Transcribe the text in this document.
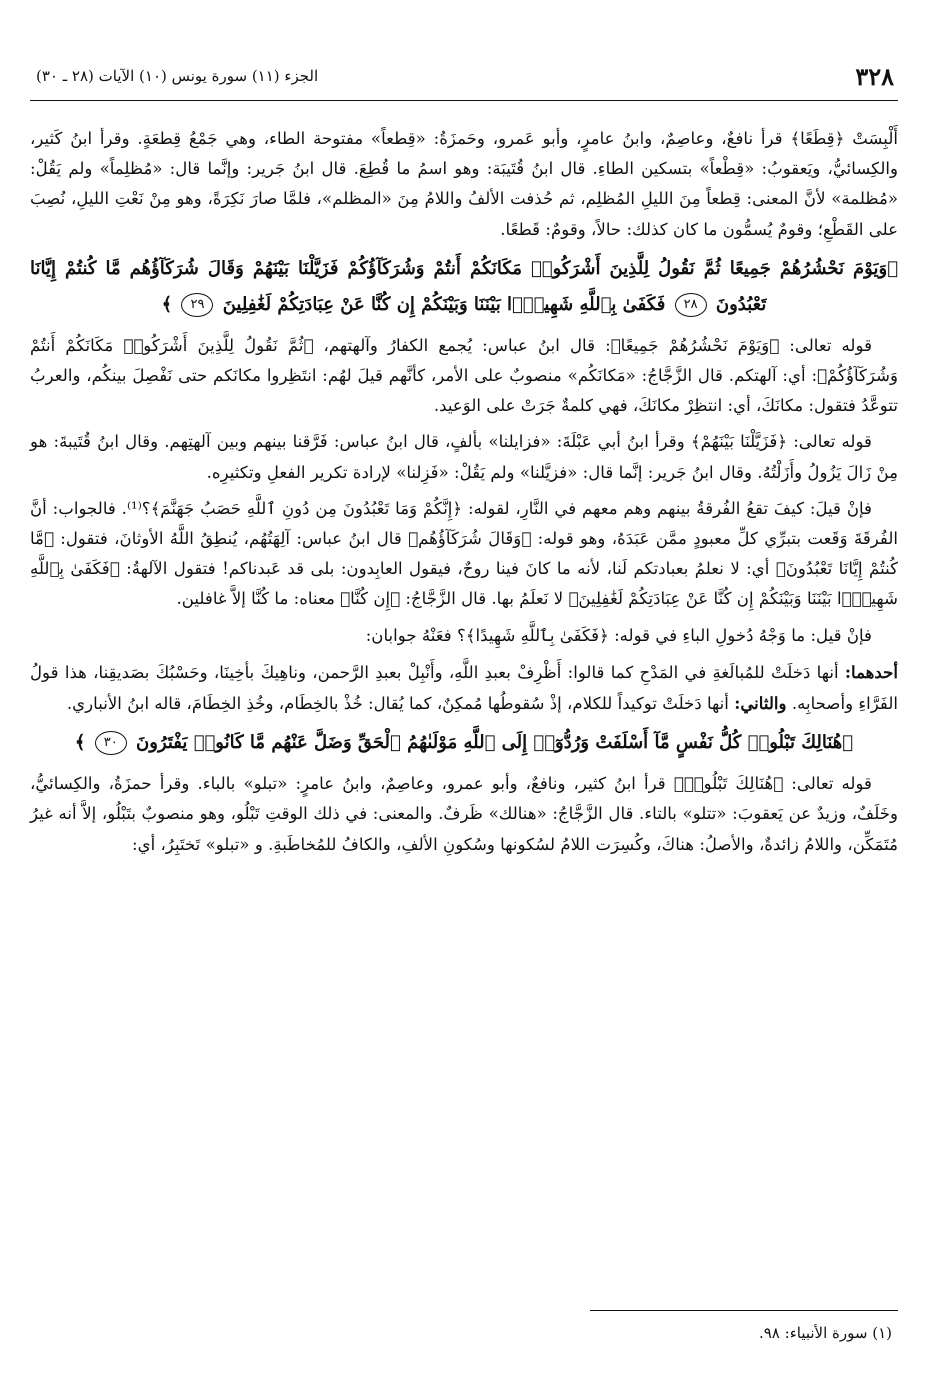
٣٢٨
الجزء (١١) سورة يونس (١٠) الآيات (٢٨ ـ ٣٠)

أَلْبِسَتْ ﴿قِطَعًا﴾ قرأ نافعٌ، وعاصِمٌ، وابنُ عامرٍ، وأبو عَمرو، وحَمزَةُ: «قِطعاً» مفتوحة الطاء، وهي جَمْعُ قِطعَةٍ. وقرأ ابنُ كَثير، والكِسائيُّ، ويَعقوبُ: «قِطْعاً» بتسكين الطاءِ. قال ابنُ قُتَيبَة: وهو اسمُ ما قُطِعَ. قال ابنُ جَرير: وإنَّما قال: «مُظلِماً» ولم يَقُلْ: «مُظلمة» لأنَّ المعنى: قِطعاً مِنَ الليلِ المُظلِم، ثم حُذفت الألفُ واللامُ مِنَ «المظلم»، فلمَّا صارَ نَكِرَةً، وهو مِنْ نَعْتِ الليلِ، نُصِبَ على القَطْعِ؛ وقومٌ يُسمُّون ما كان كذلك: حالاً، وقومٌ: قَطعًا.

﴿وَيَوْمَ نَحْشُرُهُمْ جَمِيعًا ثُمَّ نَقُولُ لِلَّذِينَ أَشْرَكُوا۟ مَكَانَكُمْ أَنتُمْ وَشُرَكَآؤُكُمْ فَزَيَّلْنَا بَيْنَهُمْ وَقَالَ شُرَكَآؤُهُم مَّا كُنتُمْ إِيَّانَا تَعْبُدُونَ ٢٨ فَكَفَىٰ بِٱللَّهِ شَهِيدًۢا بَيْنَنَا وَبَيْنَكُمْ إِن كُنَّا عَنْ عِبَادَتِكُمْ لَغَٰفِلِينَ ٢٩ ﴾

قوله تعالى: ﴿وَيَوْمَ نَحْشُرُهُمْ جَمِيعًا﴾: قال ابنُ عباس: يُجمع الكفارُ وآلهتهم، ﴿ثُمَّ نَقُولُ لِلَّذِينَ أَشْرَكُوا۟ مَكَانَكُمْ أَنتُمْ وَشُرَكَآؤُكُمْ﴾: أي: آلهتكم. قال الزَّجَّاجُ: «مَكانَكُم» منصوبٌ على الأمر، كأنَّهم قيلَ لهُم: انتَظِروا مكانَكم حتى نَفْصِلَ بينكُم، والعربُ تتوعَّدُ فتقول: مكانَكَ، أي: انتظِرْ مكانَكَ، فهي كلمةٌ جَرَتْ على الوَعيد.

قوله تعالى: ﴿فَزَيَّلْنَا بَيْنَهُمْ﴾ وقرأ ابنُ أبي عَبْلَةَ: «فزايلنا» بألفٍ، قال ابنُ عباس: فَرَّقنا بينهم وبين آلهتِهم. وقال ابنُ قُتَيبةَ: هو مِنْ زَالَ يَزُولُ وأَزَلْتُهُ. وقال ابنُ جَرير: إنَّما قال: «فزيَّلنا» ولم يَقُلْ: «فَزِلنا» لإرادة تكرير الفعلِ وتكثيرِه.

فإنْ قيلَ: كيفَ تقعُ الفُرقةُ بينهم وهم معهم في النَّارِ، لقوله: ﴿إِنَّكُمْ وَمَا تَعْبُدُونَ مِن دُونِ ٱللَّهِ حَصَبُ جَهَنَّمَ﴾؟⁽¹⁾. فالجواب: أنَّ الفُرقَةَ وَقَعت بتبرِّي كلِّ معبودٍ ممَّن عَبَدَهُ، وهو قوله: ﴿وَقَالَ شُرَكَآؤُهُم﴾ قال ابنُ عباس: آلِهَتُهُم، يُنطِقُ اللَّهُ الأوثانَ، فتقول: ﴿مَّا كُنتُمْ إِيَّانَا تَعْبُدُونَ﴾ أي: لا نعلمُ بعبادتكم لَنا، لأنه ما كانَ فينا روحٌ، فيقول العابِدون: بلى قد عَبدناكم! فتقول الآلهةُ: ﴿فَكَفَىٰ بِٱللَّهِ شَهِيدًۢا بَيْنَنَا وَبَيْنَكُمْ إِن كُنَّا عَنْ عِبَادَتِكُمْ لَغَٰفِلِينَ﴾ لا نَعلَمُ بها. قال الزَّجَّاجُ: ﴿إِن كُنَّا﴾ معناه: ما كُنَّا إلاَّ غافلين.

فإنْ قيل: ما وَجْهُ دُخولِ الباءِ في قوله: ﴿فَكَفَىٰ بِٱللَّهِ شَهِيدًا﴾؟ فعَنْهُ جوابان:

أحدهما: أنها دَخلَتْ للمُبالَغةِ في المَدْحِ كما قالوا: أَظْرِفْ بعبدِ اللَّهِ، وأَنْبِلْ بعبدِ الرَّحمن، وناهِيكَ بأخِينَا، وحَسْبُكَ بصَديقِنا، هذا قولُ الفَرَّاءِ وأصحابِه. والثاني: أنها دَخلَتْ توكيداً للكلام، إذْ سُقوطُها مُمكِنٌ، كما يُقال: خُذْ بالخِطَام، وخُذِ الخِطَامَ، قاله ابنُ الأنباري.

﴿هُنَالِكَ تَبْلُوا۟ كُلُّ نَفْسٍ مَّآ أَسْلَفَتْ وَرُدُّوٓا۟ إِلَى ٱللَّهِ مَوْلَىٰهُمُ ٱلْحَقِّ وَضَلَّ عَنْهُم مَّا كَانُوا۟ يَفْتَرُونَ ٣٠ ﴾

قوله تعالى: ﴿هُنَالِكَ تَبْلُوا۟﴾ قرأ ابنُ كثير، ونافعٌ، وأبو عمرو، وعاصِمٌ، وابنُ عامرٍ: «تبلو» بالباء. وقرأ حمزَةُ، والكِسائيُّ، وخَلَفٌ، وزيدٌ عن يَعقوبَ: «تتلو» بالتاء. قال الزَّجَّاجُ: «هنالك» ظَرفٌ. والمعنى: في ذلك الوقتِ تَبْلُو، وهو منصوبٌ بتَبْلُو، إلاَّ أنه غيرُ مُتَمَكِّن، واللامُ زائدةٌ، والأصلُ: هناكَ، وكُسِرَت اللامُ لسُكونها وسُكونِ الألفِ، والكافُ للمُخاطَبةِ. و «تبلو» تَختَبِرُ، أي:

(١) سورة الأنبياء: ٩٨.
